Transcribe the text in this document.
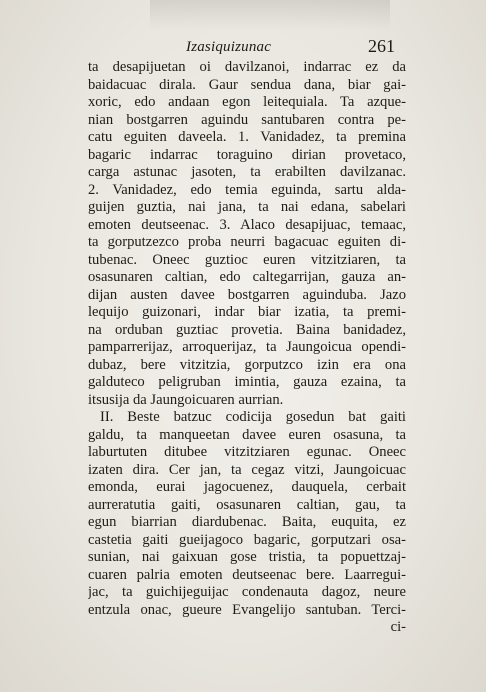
Izasiquizunac	261
ta desapijuetan oi davilzanoi, indarrac ez da
baidacuac dirala. Gaur sendua dana, biar gai-
xoric, edo andaan egon leitequiala. Ta azque-
nian bostgarren aguindu santubaren contra pe-
catu eguiten daveela. 1. Vanidadez, ta premina
bagaric indarrac toraguino dirian provetaco,
carga astunac jasoten, ta erabilten davilzanac.
2. Vanidadez, edo temia eguinda, sartu alda-
guijen guztia, nai jana, ta nai edana, sabelari
emoten deutseenac. 3. Alaco desapijuac, temaac,
ta gorputzezco proba neurri bagacuac eguiten di-
tubenac. Oneec guztioc euren vitzitziaren, ta
osasunaren caltian, edo caltegarrijan, gauza an-
dijan austen davee bostgarren aguinduba. Jazo
lequijo guizonari, indar biar izatia, ta premi-
na orduban guztiac provetia. Baina banidadez,
pamparrerijaz, arroquerijaz, ta Jaungoicua opendi-
dubaz, bere vitzitzia, gorputzco izin era ona
galduteco peligruban imintia, gauza ezaina, ta
itsusija da Jaungoicuaren aurrian.
II. Beste batzuc codicija gosedun bat gaiti
galdu, ta manqueetan davee euren osasuna, ta
laburtuten ditubee vitzitziaren egunac. Oneec
izaten dira. Cer jan, ta cegaz vitzi, Jaungoicuac
emonda, eurai jagocuenez, dauquela, cerbait
aurreratutia gaiti, osasunaren caltian, gau, ta
egun biarrian diardubenac. Baita, euquita, ez
castetia gaiti gueijagoco bagaric, gorputzari osa-
sunian, nai gaixuan gose tristia, ta popuettzaj-
cuaren palria emoten deutseenac bere. Laarregui-
jac, ta guichijeguijac condenauta dagoz, neure
entzula onac, gueure Evangelijo santuban. Terci-
ci-
